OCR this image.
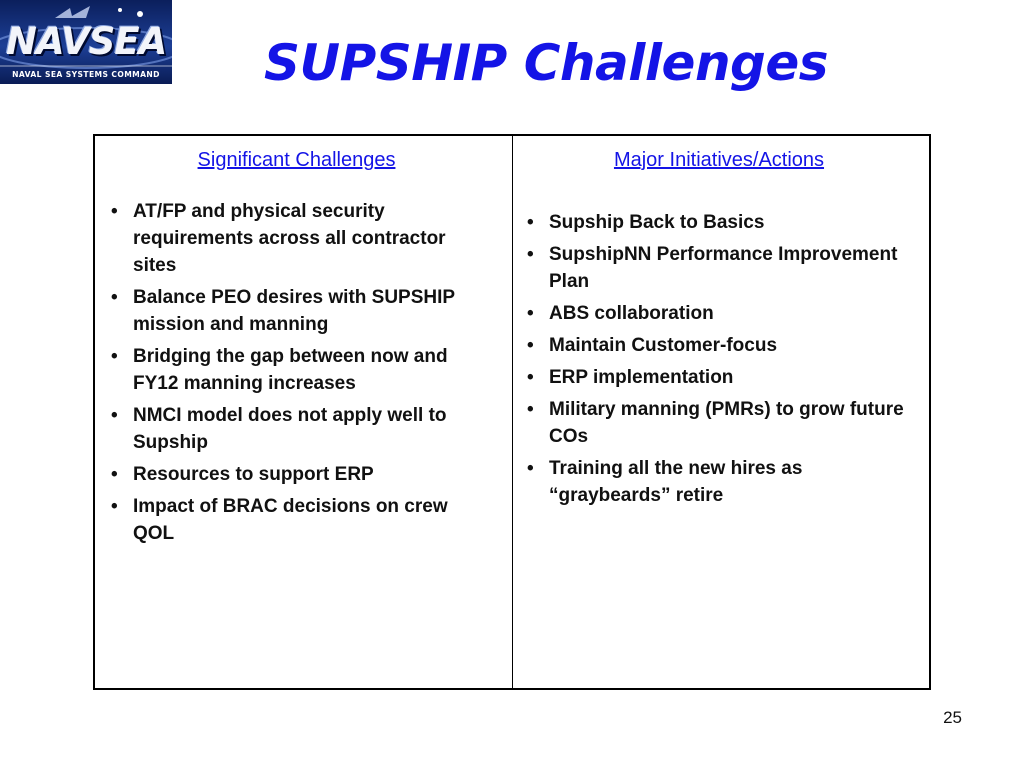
NAVSEA
NAVAL SEA SYSTEMS COMMAND	SUPSHIP Challenges

Significant Challenges

• AT/FP and physical security requirements across all contractor sites
• Balance PEO desires with SUPSHIP mission and manning
• Bridging the gap between now and FY12 manning increases
• NMCI model does not apply well to Supship
• Resources to support ERP
• Impact of BRAC decisions on crew QOL

Major Initiatives/Actions

• Supship Back to Basics
• SupshipNN Performance Improvement Plan
• ABS collaboration
• Maintain Customer-focus
• ERP implementation
• Military manning (PMRs) to grow future COs
• Training all the new hires as “graybeards” retire
25
